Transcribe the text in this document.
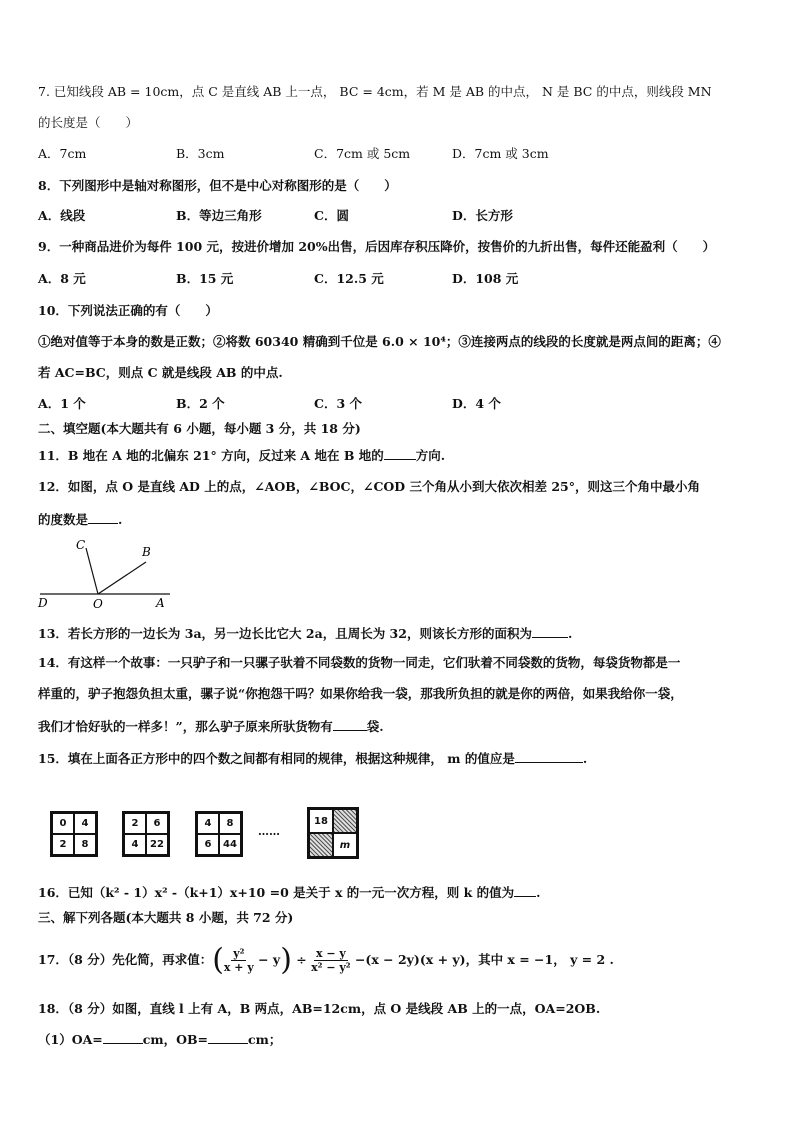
7. 已知线段 AB = 10cm，点 C 是直线 AB 上一点， BC = 4cm，若 M 是 AB 的中点， N 是 BC 的中点，则线段 MN
的长度是（　　）
A．7cm	B．3cm	C．7cm 或 5cm	D．7cm 或 3cm
8．下列图形中是轴对称图形，但不是中心对称图形的是（　　）
A．线段	B．等边三角形	C．圆	D．长方形
9．一种商品进价为每件 100 元，按进价增加 20%出售，后因库存积压降价，按售价的九折出售，每件还能盈利（　　）
A．8 元	B．15 元	C．12.5 元	D．108 元
10．下列说法正确的有（　　）
①绝对值等于本身的数是正数；②将数 60340 精确到千位是 6.0 × 10⁴；③连接两点的线段的长度就是两点间的距离；④
若 AC=BC，则点 C 就是线段 AB 的中点.
A．1 个	B．2 个	C．3 个	D．4 个
二、填空题(本大题共有 6 小题，每小题 3 分，共 18 分)
11．B 地在 A 地的北偏东 21° 方向，反过来 A 地在 B 地的	方向.
12．如图，点 O 是直线 AD 上的点，∠AOB，∠BOC，∠COD 三个角从小到大依次相差 25°，则这三个角中最小角
的度数是 .
C	B
D	O	A
13．若长方形的一边长为 3a，另一边长比它大 2a，且周长为 32，则该长方形的面积为	.
14．有这样一个故事：一只驴子和一只骡子驮着不同袋数的货物一同走，它们驮着不同袋数的货物，每袋货物都是一
样重的，驴子抱怨负担太重，骡子说“你抱怨干吗？如果你给我一袋，那我所负担的就是你的两倍，如果我给你一袋，
我们才恰好驮的一样多！”，那么驴子原来所驮货物有	袋.
15．填在上面各正方形中的四个数之间都有相同的规律，根据这种规律， m 的值应是	.
0	4
2	8
2	6
4	22
4	8
6	44
……
18
m
16．已知（k² - 1）x² -（k+1）x+10 =0 是关于 x 的一元一次方程，则 k 的值为 .
三、解下列各题(本大题共 8 小题，共 72 分)
17．（8 分）先化简，再求值：( $\frac{\text{y²}}{x + y} - y) \div \frac{x - y}{\text{x² − y²}} -(x - 2y)(x + y)$，其中 x = −1， y = 2 .
18．（8 分）如图，直线 l 上有 A，B 两点，AB=12cm，点 O 是线段 AB 上的一点，OA=2OB.
（1）OA=	cm，OB=	cm；
